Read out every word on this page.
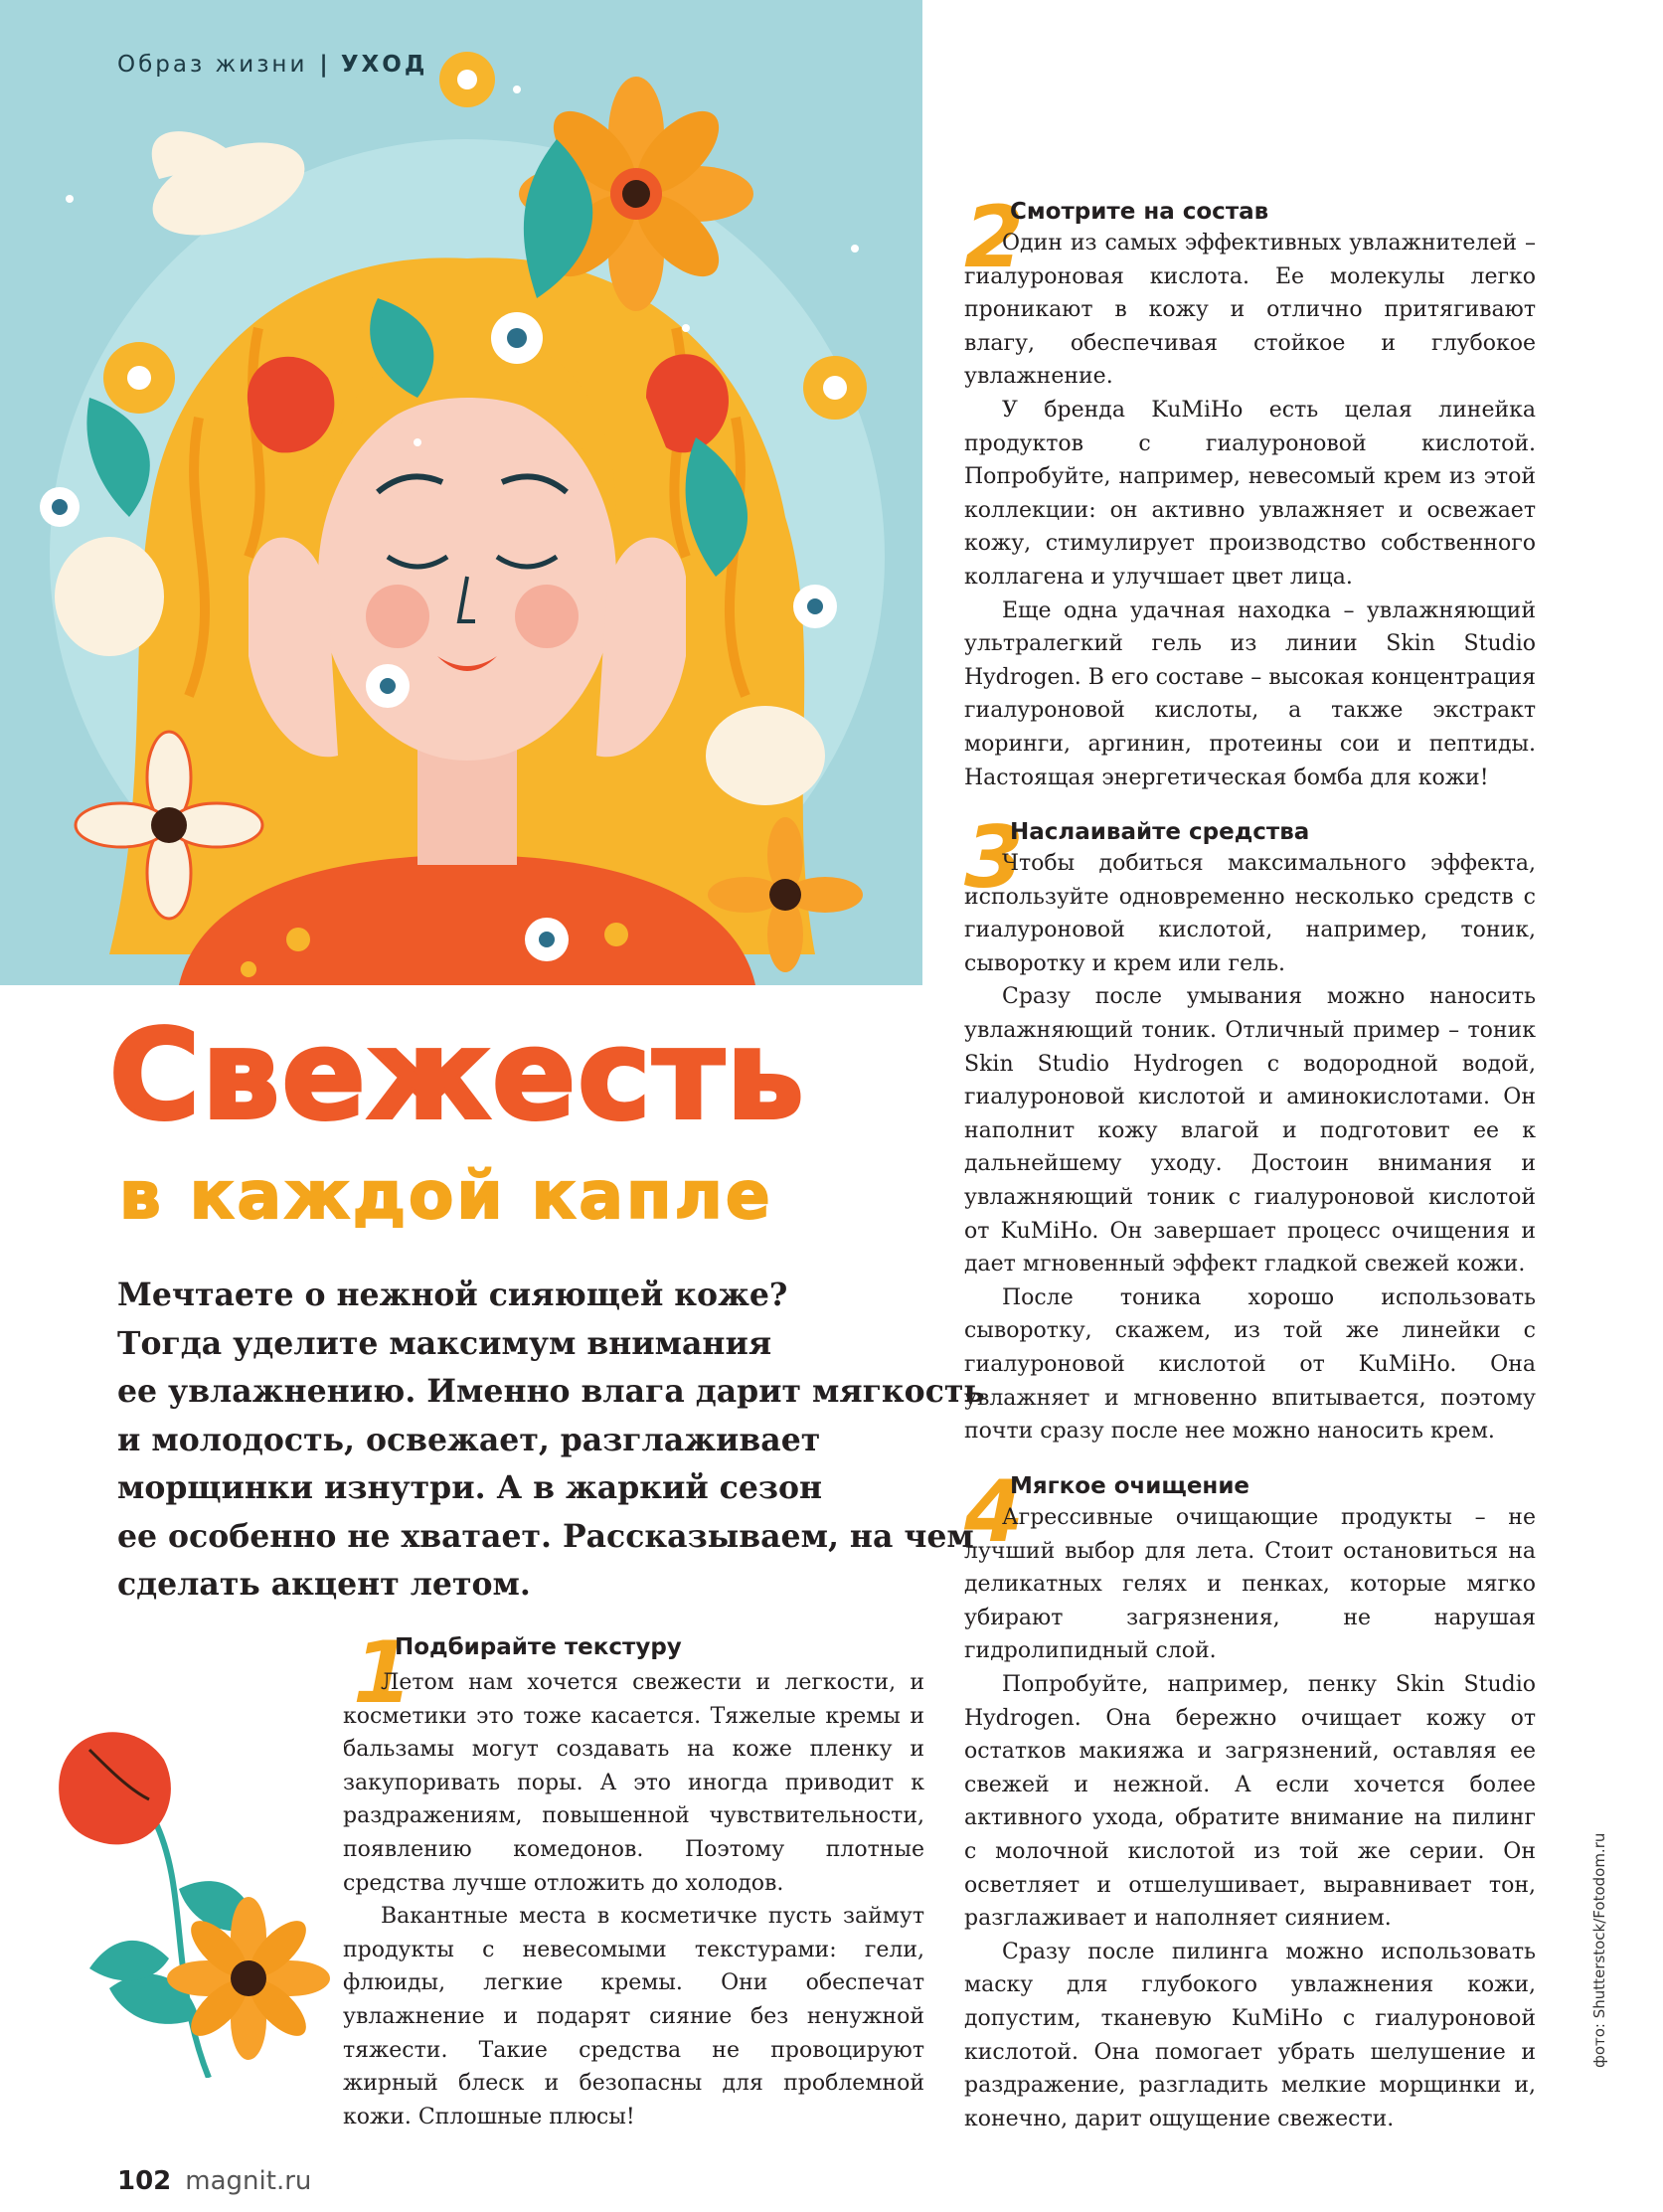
Образ жизни | УХОД
Свежесть
в каждой капле
Мечтаете о нежной сияющей коже?
Тогда уделите максимум внимания
ее увлажнению. Именно влага дарит мягкость
и молодость, освежает, разглаживает
морщинки изнутри. А в жаркий сезон
ее особенно не хватает. Рассказываем, на чем
сделать акцент летом.
1
Подбирайте текстуру

Летом нам хочется свежести и легкости, и косметики это тоже касается. Тяжелые кремы и бальзамы могут создавать на коже пленку и закупоривать поры. А это иногда приводит к раздражениям, повышенной чувствительности, появлению комедонов. Поэтому плотные средства лучше отложить до холодов.

Вакантные места в косметичке пусть займут продукты с невесомыми текстурами: гели, флюиды, легкие кремы. Они обеспечат увлажнение и подарят сияние без ненужной тяжести. Такие средства не провоцируют жирный блеск и безопасны для проблемной кожи. Сплошные плюсы!

2
Смотрите на состав

Один из самых эффективных увлажнителей – гиалуроновая кислота. Ее молекулы легко проникают в кожу и отлично притягивают влагу, обеспечивая стойкое и глубокое увлажнение.

У бренда KuMiHo есть целая линейка продуктов с гиалуроновой кислотой. Попробуйте, например, невесомый крем из этой коллекции: он активно увлажняет и освежает кожу, стимулирует производство собственного коллагена и улучшает цвет лица.

Еще одна удачная находка – увлажняющий ультралегкий гель из линии Skin Studio Hydrogen. В его составе – высокая концентрация гиалуроновой кислоты, а также экстракт моринги, аргинин, протеины сои и пептиды. Настоящая энергетическая бомба для кожи!

3
Наслаивайте средства

Чтобы добиться максимального эффекта, используйте одновременно несколько средств с гиалуроновой кислотой, например, тоник, сыворотку и крем или гель.

Сразу после умывания можно наносить увлажняющий тоник. Отличный пример – тоник Skin Studio Hydrogen с водородной водой, гиалуроновой кислотой и аминокислотами. Он наполнит кожу влагой и подготовит ее к дальнейшему уходу. Достоин внимания и увлажняющий тоник с гиалуроновой кислотой от KuMiHo. Он завершает процесс очищения и дает мгновенный эффект гладкой свежей кожи.

После тоника хорошо использовать сыворотку, скажем, из той же линейки с гиалуроновой кислотой от KuMiHo. Она увлажняет и мгновенно впитывается, поэтому почти сразу после нее можно наносить крем.

4
Мягкое очищение

Агрессивные очищающие продукты – не лучший выбор для лета. Стоит остановиться на деликатных гелях и пенках, которые мягко убирают загрязнения, не нарушая гидролипидный слой.

Попробуйте, например, пенку Skin Studio Hydrogen. Она бережно очищает кожу от остатков макияжа и загрязнений, оставляя ее свежей и нежной. А если хочется более активного ухода, обратите внимание на пилинг с молочной кислотой из той же серии. Он осветляет и отшелушивает, выравнивает тон, разглаживает и наполняет сиянием.

Сразу после пилинга можно использовать маску для глубокого увлажнения кожи, допустим, тканевую KuMiHo с гиалуроновой кислотой. Она помогает убрать шелушение и раздражение, разгладить мелкие морщинки и, конечно, дарит ощущение свежести.

фото: Shutterstock/Fotodom.ru
102 magnit.ru
